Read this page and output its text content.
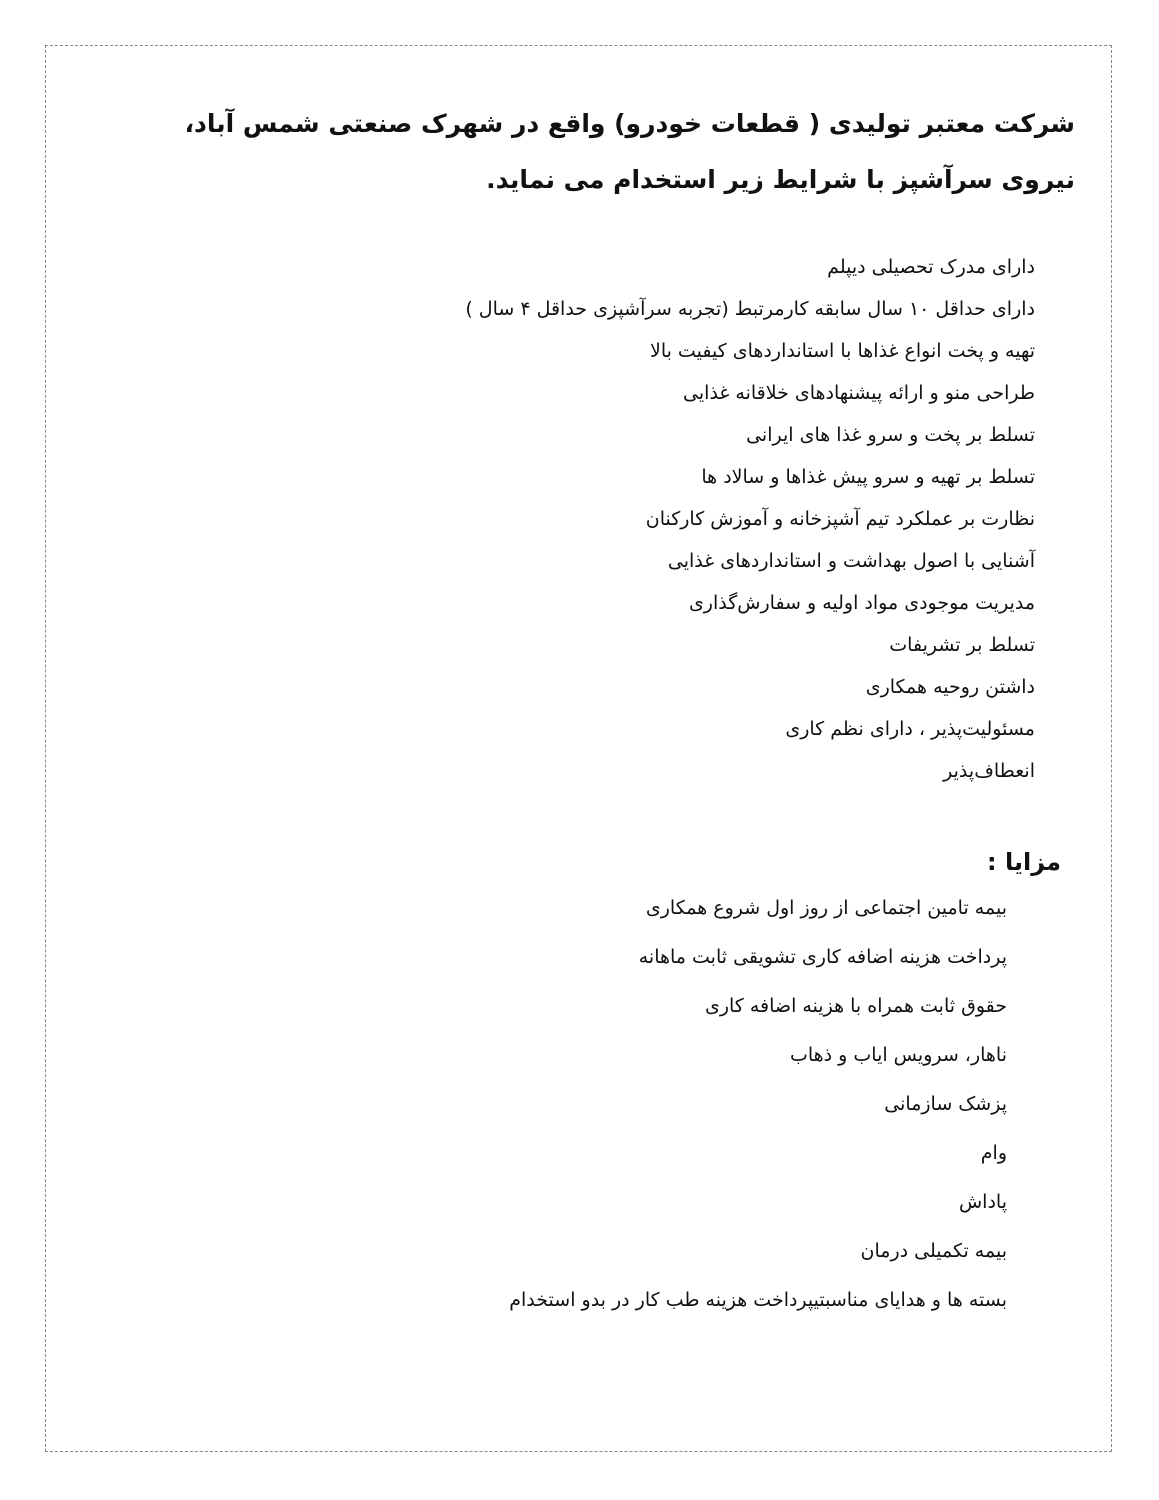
شرکت معتبر تولیدی ( قطعات خودرو) واقع در شهرک صنعتی شمس آباد، نیروی سرآشپز با شرایط زیر استخدام می نماید.
دارای مدرک تحصیلی دیپلم
دارای حداقل ۱۰ سال سابقه کارمرتبط (تجربه سرآشپزی حداقل ۴ سال )
تهیه و پخت انواع غذاها با استانداردهای کیفیت بالا
طراحی منو و ارائه پیشنهادهای خلاقانه غذایی
تسلط بر پخت و سرو غذا های ایرانی
تسلط بر تهیه و سرو پیش غذاها و سالاد ها
نظارت بر عملکرد تیم آشپزخانه و آموزش کارکنان
آشنایی با اصول بهداشت و استانداردهای غذایی
مدیریت موجودی مواد اولیه و سفارش‌گذاری
تسلط بر تشریفات
داشتن روحیه همکاری
مسئولیت‌پذیر ، دارای نظم کاری
انعطاف‌پذیر
مزایا :
بیمه تامین اجتماعی از روز اول شروع همکاری
پرداخت هزینه اضافه کاری تشویقی ثابت ماهانه
حقوق ثابت همراه با هزینه اضافه کاری
ناهار، سرویس ایاب و ذهاب
پزشک سازمانی
وام
پاداش
بیمه تکمیلی درمان
بسته ها و هدایای مناسبتیپرداخت هزینه طب کار در بدو استخدام
